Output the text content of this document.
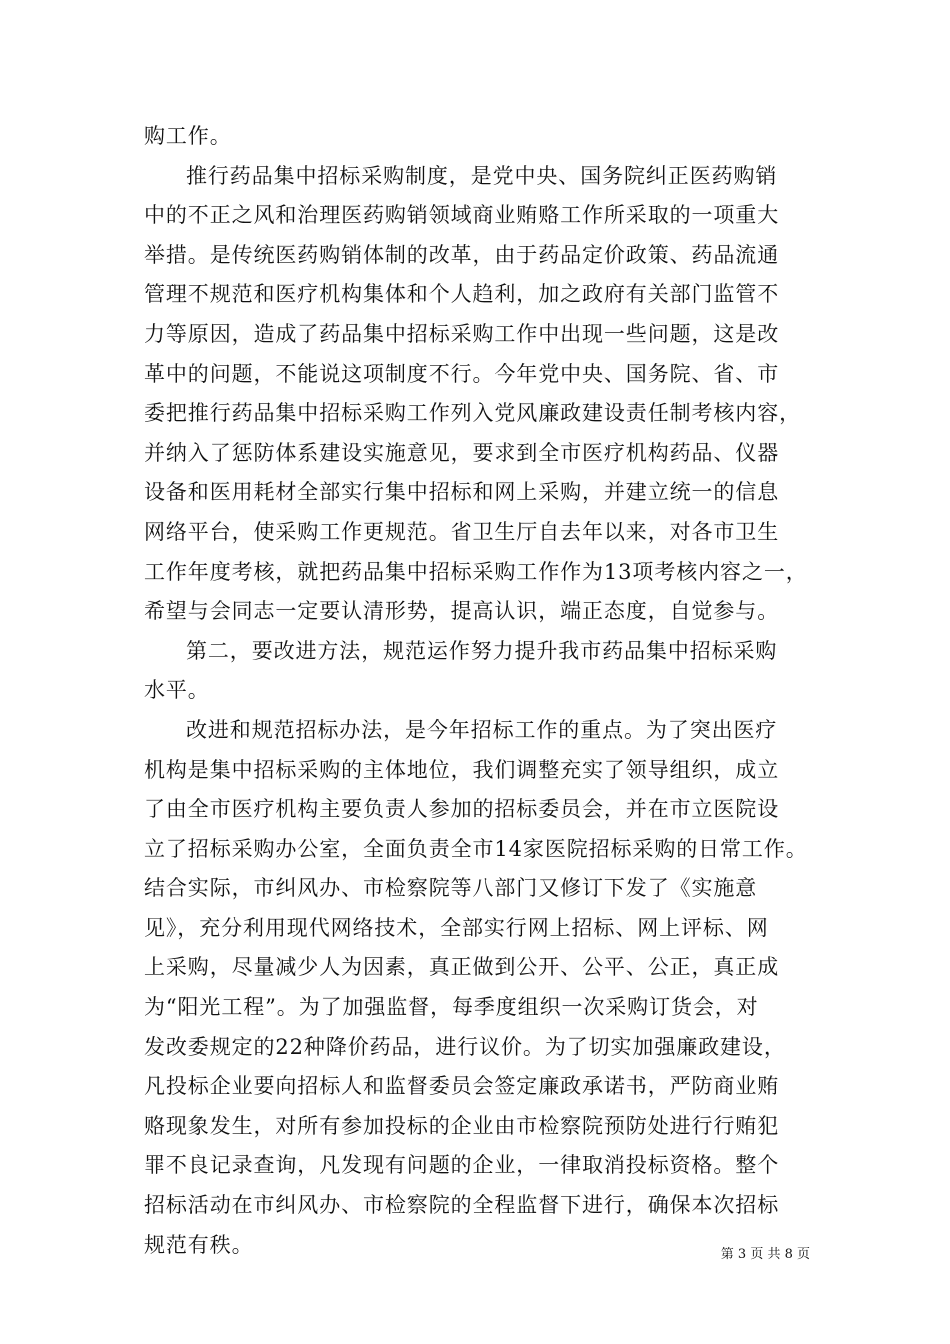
购工作。

推行药品集中招标采购制度，是党中央、国务院纠正医药购销
中的不正之风和治理医药购销领域商业贿赂工作所采取的一项重大
举措。是传统医药购销体制的改革，由于药品定价政策、药品流通
管理不规范和医疗机构集体和个人趋利，加之政府有关部门监管不
力等原因，造成了药品集中招标采购工作中出现一些问题，这是改
革中的问题，不能说这项制度不行。今年党中央、国务院、省、市
委把推行药品集中招标采购工作列入党风廉政建设责任制考核内容，
并纳入了惩防体系建设实施意见，要求到全市医疗机构药品、仪器
设备和医用耗材全部实行集中招标和网上采购，并建立统一的信息
网络平台，使采购工作更规范。省卫生厅自去年以来，对各市卫生
工作年度考核，就把药品集中招标采购工作作为13项考核内容之一，
希望与会同志一定要认清形势，提高认识，端正态度，自觉参与。

第二，要改进方法，规范运作努力提升我市药品集中招标采购
水平。

改进和规范招标办法，是今年招标工作的重点。为了突出医疗
机构是集中招标采购的主体地位，我们调整充实了领导组织，成立
了由全市医疗机构主要负责人参加的招标委员会，并在市立医院设
立了招标采购办公室，全面负责全市14家医院招标采购的日常工作。
结合实际，市纠风办、市检察院等八部门又修订下发了《实施意
见》，充分利用现代网络技术，全部实行网上招标、网上评标、网
上采购，尽量减少人为因素，真正做到公开、公平、公正，真正成
为“阳光工程”。为了加强监督，每季度组织一次采购订货会，对
发改委规定的22种降价药品，进行议价。为了切实加强廉政建设，
凡投标企业要向招标人和监督委员会签定廉政承诺书，严防商业贿
赂现象发生，对所有参加投标的企业由市检察院预防处进行行贿犯
罪不良记录查询，凡发现有问题的企业，一律取消投标资格。整个
招标活动在市纠风办、市检察院的全程监督下进行，确保本次招标
规范有秩。	第 3 页 共 8 页
